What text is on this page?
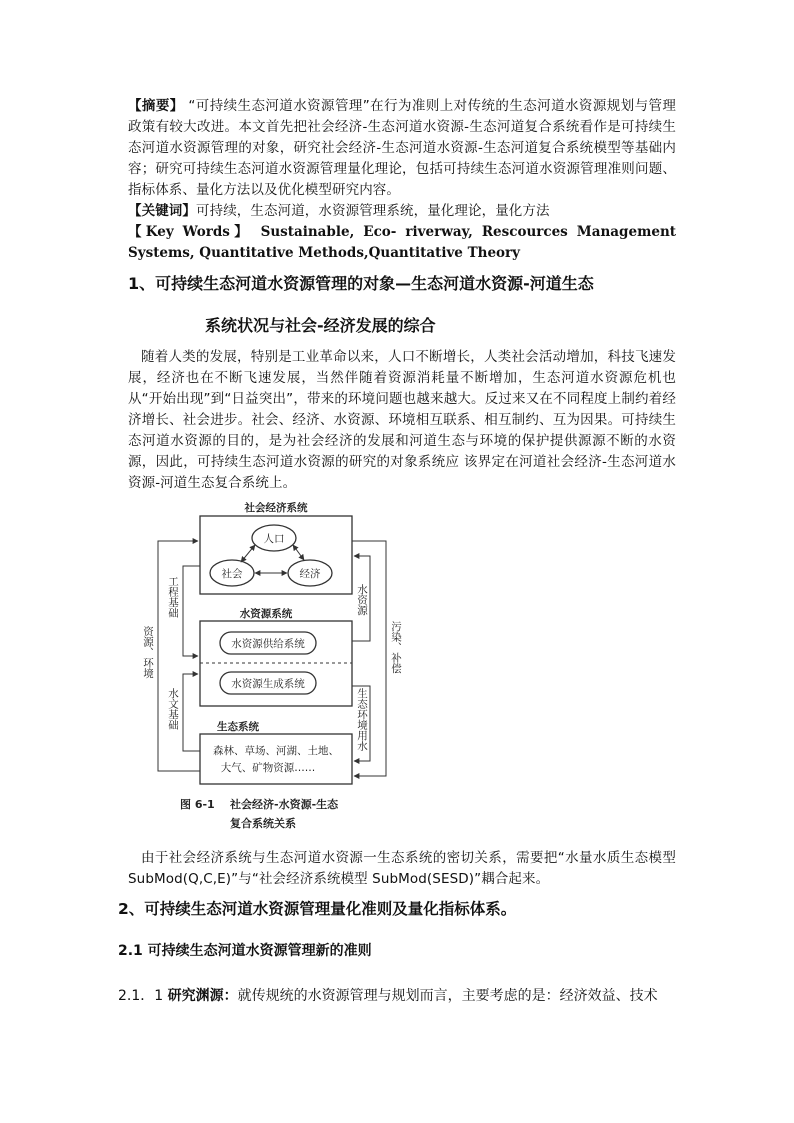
【摘要】 “可持续生态河道水资源管理”在行为准则上对传统的生态河道水资源规划与管理政策有较大改进。本文首先把社会经济-生态河道水资源-生态河道复合系统看作是可持续生态河道水资源管理的对象，研究社会经济-生态河道水资源-生态河道复合系统模型等基础内容；研究可持续生态河道水资源管理量化理论，包括可持续生态河道水资源管理准则问题、指标体系、量化方法以及优化模型研究内容。
【关键词】可持续，生态河道，水资源管理系统，量化理论，量化方法
【Key Words】 Sustainable, Eco- riverway, Rescources Management Systems, Quantitative Methods,Quantitative Theory
1、可持续生态河道水资源管理的对象—生态河道水资源-河道生态
系统状况与社会-经济发展的综合
随着人类的发展，特别是工业革命以来，人口不断增长，人类社会活动增加，科技飞速发展，经济也在不断飞速发展，当然伴随着资源消耗量不断增加，生态河道水资源危机也从“开始出现”到“日益突出”，带来的环境问题也越来越大。反过来又在不同程度上制约着经济增长、社会进步。社会、经济、水资源、环境相互联系、相互制约、互为因果。可持续生态河道水资源的目的，是为社会经济的发展和河道生态与环境的保护提供源源不断的水资源，因此，可持续生态河道水资源的研究的对象系统应 该界定在河道社会经济-生态河道水资源-河道生态复合系统上。
社会经济系统
人口
社会	经济
水资源系统
水资源供给系统
水资源生成系统
生态系统
森林、草场、河湖、土地、
大气、矿物资源……
资源、环境
工程基础
水文基础
水资源
污染、补偿
生态环境用水
图 6-1 社会经济-水资源-生态
复合系统关系
由于社会经济系统与生态河道水资源一生态系统的密切关系，需要把“水量水质生态模型 SubMod(Q,C,E)”与“社会经济系统模型 SubMod(SESD)”耦合起来。
2、可持续生态河道水资源管理量化准则及量化指标体系。
2.1 可持续生态河道水资源管理新的准则
2.1．1 研究渊源：就传规统的水资源管理与规划而言，主要考虑的是：经济效益、技术
